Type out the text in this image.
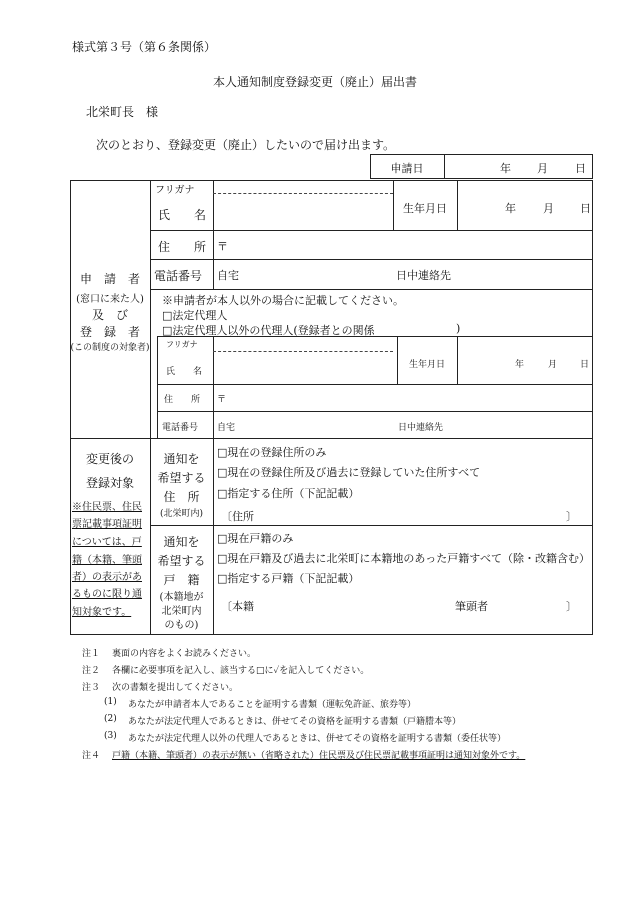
様式第３号（第６条関係）
本人通知制度登録変更（廃止）届出書
北栄町長　様
次のとおり、登録変更（廃止）したいので届け出ます。
申請日	年 月 日
フリガナ
氏　　名	生年月日	年 月 日
住　　所 〒
電話番号 自宅	日中連絡先
申　請　者
(窓口に来た人)
及　び
登　録　者
(この制度の対象者)
※申請者が本人以外の場合に記載してください。
□法定代理人
□法定代理人以外の代理人(登録者との関係	)
フリガナ
氏　　名
生年月日	年	月	日
住　　所 〒
電話番号 自宅	日中連絡先
変更後の
登録対象
※住民票、住民
票記載事項証明
については、戸
籍（本籍、筆頭
者）の表示があ
るものに限り通
知対象です。
通知を
希望する
住　所
(北栄町内)
□現在の登録住所のみ
□現在の登録住所及び過去に登録していた住所すべて
□指定する住所（下記記載）
〔住所	〕
通知を
希望する
戸　籍
(本籍地が
北栄町内
のもの)
□現在戸籍のみ
□現在戸籍及び過去に北栄町に本籍地のあった戸籍すべて（除・改籍含む）
□指定する戸籍（下記記載）
〔本籍	筆頭者	〕
注１ 裏面の内容をよくお読みください。
注２ 各欄に必要事項を記入し、該当する□に✓を記入してください。
注３ 次の書類を提出してください。
(1) あなたが申請者本人であることを証明する書類（運転免許証、旅券等）
(2) あなたが法定代理人であるときは、併せてその資格を証明する書類（戸籍謄本等）
(3) あなたが法定代理人以外の代理人であるときは、併せてその資格を証明する書類（委任状等）
注４ 戸籍（本籍、筆頭者）の表示が無い（省略された）住民票及び住民票記載事項証明は通知対象外です。
